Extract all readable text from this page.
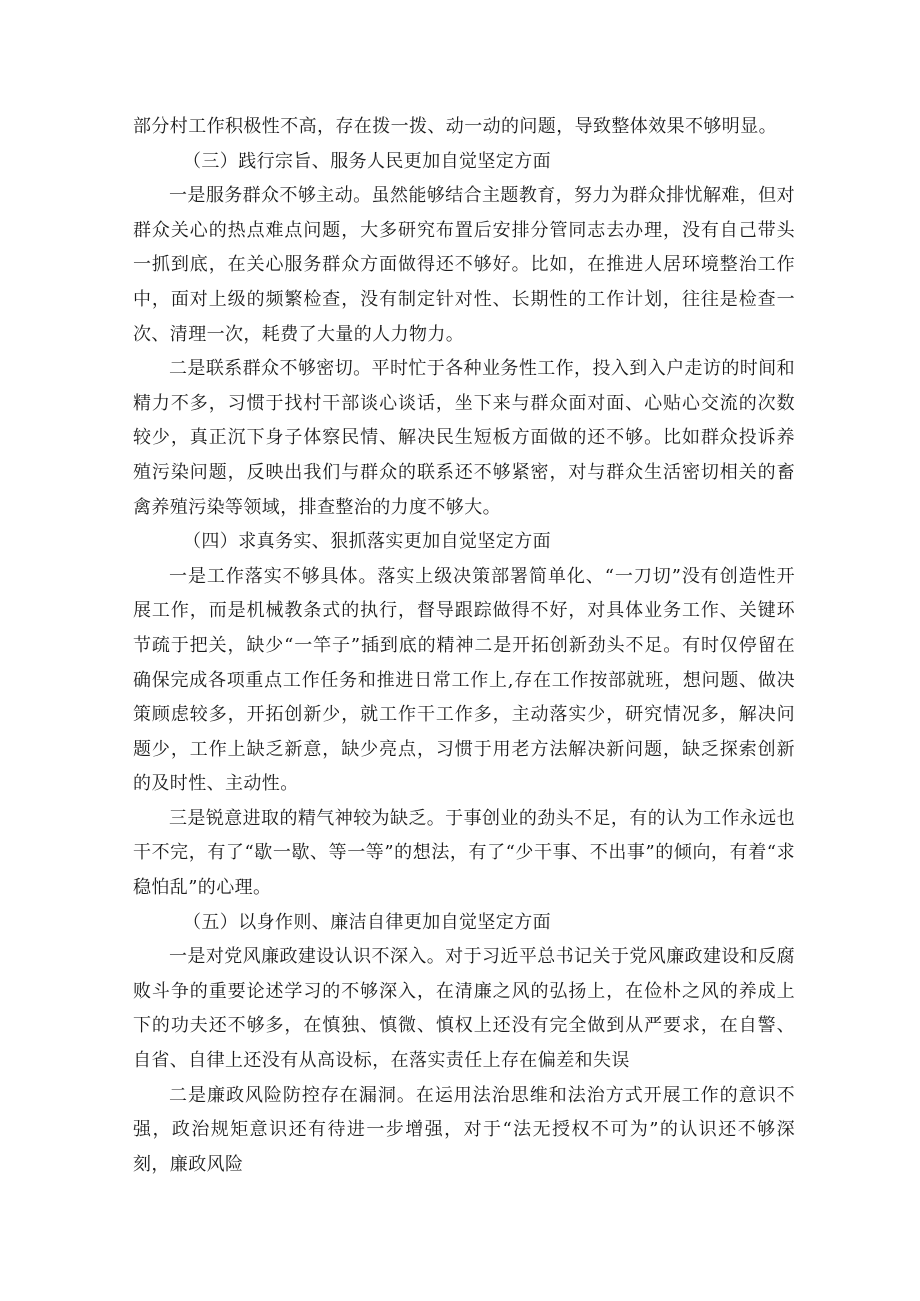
部分村工作积极性不高，存在拨一拨、动一动的问题，导致整体效果不够明显。

（三）践行宗旨、服务人民更加自觉坚定方面

一是服务群众不够主动。虽然能够结合主题教育，努力为群众排忧解难，但对群众关心的热点难点问题，大多研究布置后安排分管同志去办理，没有自己带头一抓到底，在关心服务群众方面做得还不够好。比如，在推进人居环境整治工作中，面对上级的频繁检查，没有制定针对性、长期性的工作计划，往往是检查一次、清理一次，耗费了大量的人力物力。

二是联系群众不够密切。平时忙于各种业务性工作，投入到入户走访的时间和精力不多，习惯于找村干部谈心谈话，坐下来与群众面对面、心贴心交流的次数较少，真正沉下身子体察民情、解决民生短板方面做的还不够。比如群众投诉养殖污染问题，反映出我们与群众的联系还不够紧密，对与群众生活密切相关的畜禽养殖污染等领域，排查整治的力度不够大。

（四）求真务实、狠抓落实更加自觉坚定方面

一是工作落实不够具体。落实上级决策部署简单化、“一刀切”没有创造性开展工作，而是机械教条式的执行，督导跟踪做得不好，对具体业务工作、关键环节疏于把关，缺少“一竿子”插到底的精神二是开拓创新劲头不足。有时仅停留在确保完成各项重点工作任务和推进日常工作上,存在工作按部就班，想问题、做决策顾虑较多，开拓创新少，就工作干工作多，主动落实少，研究情况多，解决问题少，工作上缺乏新意，缺少亮点，习惯于用老方法解决新问题，缺乏探索创新的及时性、主动性。

三是锐意进取的精气神较为缺乏。于事创业的劲头不足，有的认为工作永远也干不完，有了“歇一歇、等一等”的想法，有了“少干事、不出事”的倾向，有着“求稳怕乱”的心理。

（五）以身作则、廉洁自律更加自觉坚定方面

一是对党风廉政建设认识不深入。对于习近平总书记关于党风廉政建设和反腐败斗争的重要论述学习的不够深入，在清廉之风的弘扬上，在俭朴之风的养成上下的功夫还不够多，在慎独、慎微、慎权上还没有完全做到从严要求，在自警、自省、自律上还没有从高设标，在落实责任上存在偏差和失误

二是廉政风险防控存在漏洞。在运用法治思维和法治方式开展工作的意识不强，政治规矩意识还有待进一步增强，对于“法无授权不可为”的认识还不够深刻，廉政风险
